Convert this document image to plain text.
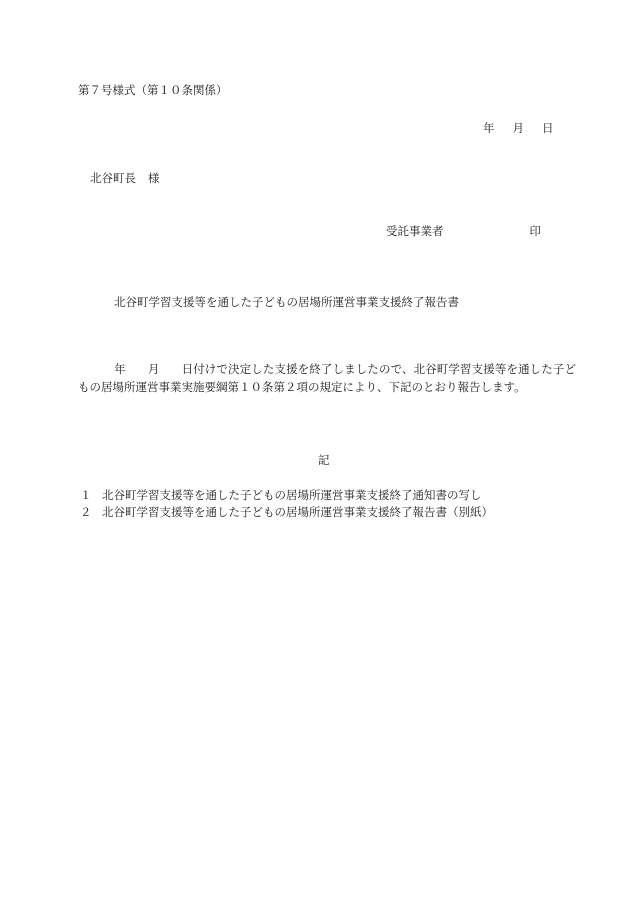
第７号様式（第１０条関係）
年 月 日
北谷町長 様
受託事業者	印
北谷町学習支援等を通した子どもの居場所運営事業支援終了報告書
年 月 日付けで決定した支援を終了しましたので、北谷町学習支援等を通した子どもの居場所運営事業実施要綱第１０条第２項の規定により、下記のとおり報告します。
記
１ 北谷町学習支援等を通した子どもの居場所運営事業支援終了通知書の写し
２ 北谷町学習支援等を通した子どもの居場所運営事業支援終了報告書（別紙）
